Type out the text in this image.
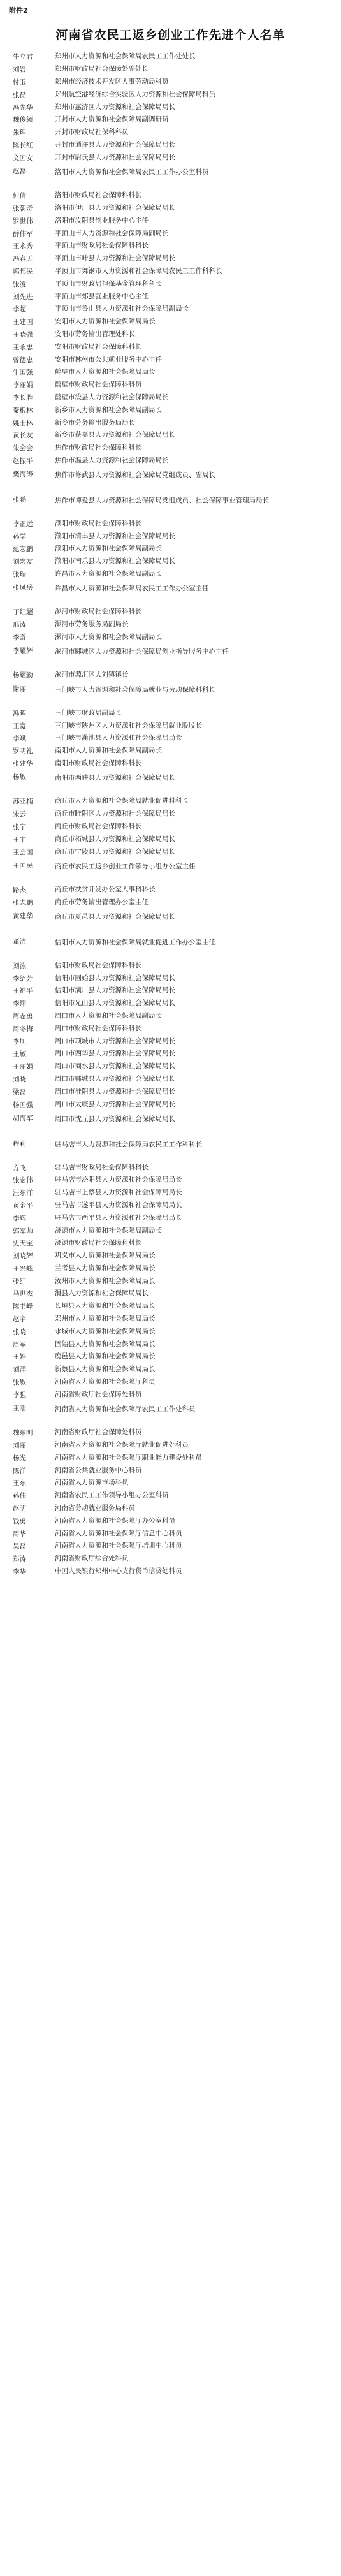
附件2
河南省农民工返乡创业工作先进个人名单
牛立君	郑州市人力资源和社会保障局农民工工作处处长
刘岩	郑州市财政局社会保障处副处长
付玉	郑州市经济技术开发区人事劳动局科员
张磊	郑州航空港经济综合实验区人力资源和社会保障局科员
冯先华	郑州市惠济区人力资源和社会保障局局长
魏俊领	开封市人力资源和社会保障局副调研员
朱理	开封市财政局社保科科员
陈长红	开封市通许县人力资源和社会保障局局长
文国安	开封市尉氏县人力资源和社会保障局局长
赵磊	洛阳市人力资源和社会保障局农民工工作办公室科员
何倩	洛阳市财政局社会保障科科长
张朝奇	洛阳市伊川县人力资源和社会保障局局长
罗世伟	洛阳市汝阳县创业服务中心主任
薛伟军	平顶山市人力资源和社会保障局副局长
王永秀	平顶山市财政局社会保障科科长
冯春天	平顶山市叶县人力资源和社会保障局局长
郭邦民	平顶山市舞钢市人力资源和社会保障局农民工工作科科长
张凌	平顶山市财政局担保基金管理科科长
刘先进	平顶山市郏县就业服务中心主任
李超	平顶山市鲁山县人力资源和社会保障局副局长
王建国	安阳市人力资源和社会保障局局长
王晓强	安阳市劳务输出管理处科长
王永忠	安阳市财政局社会保障科科长
曾德忠	安阳市林州市公共就业服务中心主任
牛国强	鹤壁市人力资源和社会保障局局长
李丽娟	鹤壁市财政局社会保障科科员
李长胜	鹤壁市浚县人力资源和社会保障局局长
秦根林	新乡市人力资源和社会保障局副局长
姚士林	新乡市劳务输出服务局局长
黄长友	新乡市获嘉县人力资源和社会保障局局长
朱会会	焦作市财政局社会保障科科长
赵振平	焦作市温县人力资源和社会保障局局长
樊海涛	焦作市修武县人力资源和社会保障局党组成员、副局长
张鹏	焦作市博爱县人力资源和社会保障局党组成员、社会保障事业管理局局长
李正远	濮阳市财政局社会保障科科长
孙学	濮阳市清丰县人力资源和社会保障局局长
范宏鹏	濮阳市人力资源和社会保障局副局长
刘宏友	濮阳市南乐县人力资源和社会保障局局长
张瑞	许昌市人力资源和社会保障局副局长
张凤岳	许昌市人力资源和社会保障局农民工工作办公室主任
丁红超	漯河市财政局社会保障科科长
邢涛	漯河市劳务服务局副局长
李奇	漯河市人力资源和社会保障局副局长
李耀辉	漯河市郾城区人力资源和社会保障局创业指导服务中心主任
杨耀勤	漯河市源汇区大刘镇镇长
谢丽	三门峡市人力资源和社会保障局就业与劳动保障科科长
冯晖	三门峡市财政局副局长
王宽	三门峡市陕州区人力资源和社会保障局就业股股长
李斌	三门峡市渑池县人力资源和社会保障局局长
罗明礼	南阳市人力资源和社会保障局副局长
张建华	南阳市财政局社会保障科科长
杨敏	南阳市西峡县人力资源和社会保障局局长
苏亚楠	商丘市人力资源和社会保障局就业促进科科长
宋云	商丘市睢阳区人力资源和社会保障局局长
张宁	商丘市财政局社会保障科科长
王宇	商丘市柘城县人力资源和社会保障局局长
王会国	商丘市宁陵县人力资源和社会保障局局长
王国民	商丘市农民工返乡创业工作领导小组办公室主任
路杰	商丘市扶贫开发办公室人事科科长
张志鹏	商丘市劳务输出管理办公室主任
黄建华	商丘市夏邑县人力资源和社会保障局局长
董洁	信阳市人力资源和社会保障局就业促进工作办公室主任
刘泳	信阳市财政局社会保障科科长
李绍芳	信阳市固始县人力资源和社会保障局局长
王福平	信阳市潢川县人力资源和社会保障局局长
李翔	信阳市光山县人力资源和社会保障局局长
周志勇	周口市人力资源和社会保障局副局长
周冬梅	周口市财政局社会保障科科长
李旭	周口市项城市人力资源和社会保障局局长
王敏	周口市西华县人力资源和社会保障局局长
王丽娟	周口市商水县人力资源和社会保障局局长
刘晓	周口市郸城县人力资源和社会保障局局长
梁磊	周口市淮阳县人力资源和社会保障局局长
杨国强	周口市太康县人力资源和社会保障局局长
胡海军	周口市沈丘县人力资源和社会保障局局长
程莉	驻马店市人力资源和社会保障局农民工工作科科长
方飞	驻马店市财政局社会保障科科长
张宏伟	驻马店市泌阳县人力资源和社会保障局局长
汪东洋	驻马店市上蔡县人力资源和社会保障局局长
黄金平	驻马店市遂平县人力资源和社会保障局局长
李辉	驻马店市西平县人力资源和社会保障局局长
郭军帅	济源市人力资源和社会保障局副局长
史天宝	济源市财政局社会保障科科长
刘晓辉	巩义市人力资源和社会保障局局长
王兴峰	兰考县人力资源和社会保障局局长
张红	汝州市人力资源和社会保障局局长
马世杰	滑县人力资源和社会保障局局长
陈书峰	长垣县人力资源和社会保障局局长
赵宇	邓州市人力资源和社会保障局局长
张晓	永城市人力资源和社会保障局局长
周军	固始县人力资源和社会保障局局长
王婷	鹿邑县人力资源和社会保障局局长
刘洋	新蔡县人力资源和社会保障局局长
张敏	河南省人力资源和社会保障厅科员
李强	河南省财政厅社会保障处科员
王刚	河南省人力资源和社会保障厅农民工工作处科员
魏东明	河南省财政厅社会保障处科员
刘丽	河南省人力资源和社会保障厅就业促进处科员
杨光	河南省人力资源和社会保障厅职业能力建设处科员
陈洋	河南省公共就业服务中心科员
王东	河南省人力资源市场科员
孙伟	河南省农民工工作领导小组办公室科员
赵明	河南省劳动就业服务局科员
钱勇	河南省人力资源和社会保障厅办公室科员
周华	河南省人力资源和社会保障厅信息中心科员
吴磊	河南省人力资源和社会保障厅培训中心科员
郑涛	河南省财政厅综合处科员
李华	中国人民银行郑州中心支行货币信贷处科员
